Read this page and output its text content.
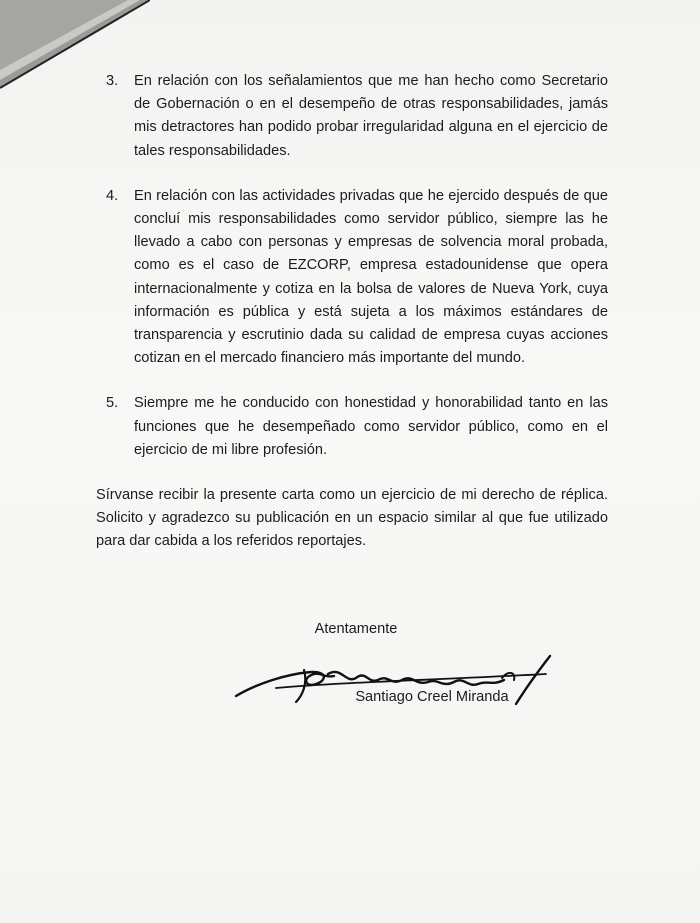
3.	En relación con los señalamientos que me han hecho como Secretario de Gobernación o en el desempeño de otras responsabilidades, jamás mis detractores han podido probar irregularidad alguna en el ejercicio de tales responsabilidades.
4.	En relación con las actividades privadas que he ejercido después de que concluí mis responsabilidades como servidor público, siempre las he llevado a cabo con personas y empresas de solvencia moral probada, como es el caso de EZCORP, empresa estadounidense que opera internacionalmente y cotiza en la bolsa de valores de Nueva York, cuya información es pública y está sujeta a los máximos estándares de transparencia y escrutinio dada su calidad de empresa cuyas acciones cotizan en el mercado financiero más importante del mundo.
5.	Siempre me he conducido con honestidad y honorabilidad tanto en las funciones que he desempeñado como servidor público, como en el ejercicio de mi libre profesión.
Sírvanse recibir la presente carta como un ejercicio de mi derecho de réplica. Solicito y agradezco su publicación en un espacio similar al que fue utilizado para dar cabida a los referidos reportajes.
Atentamente
Santiago Creel Miranda
